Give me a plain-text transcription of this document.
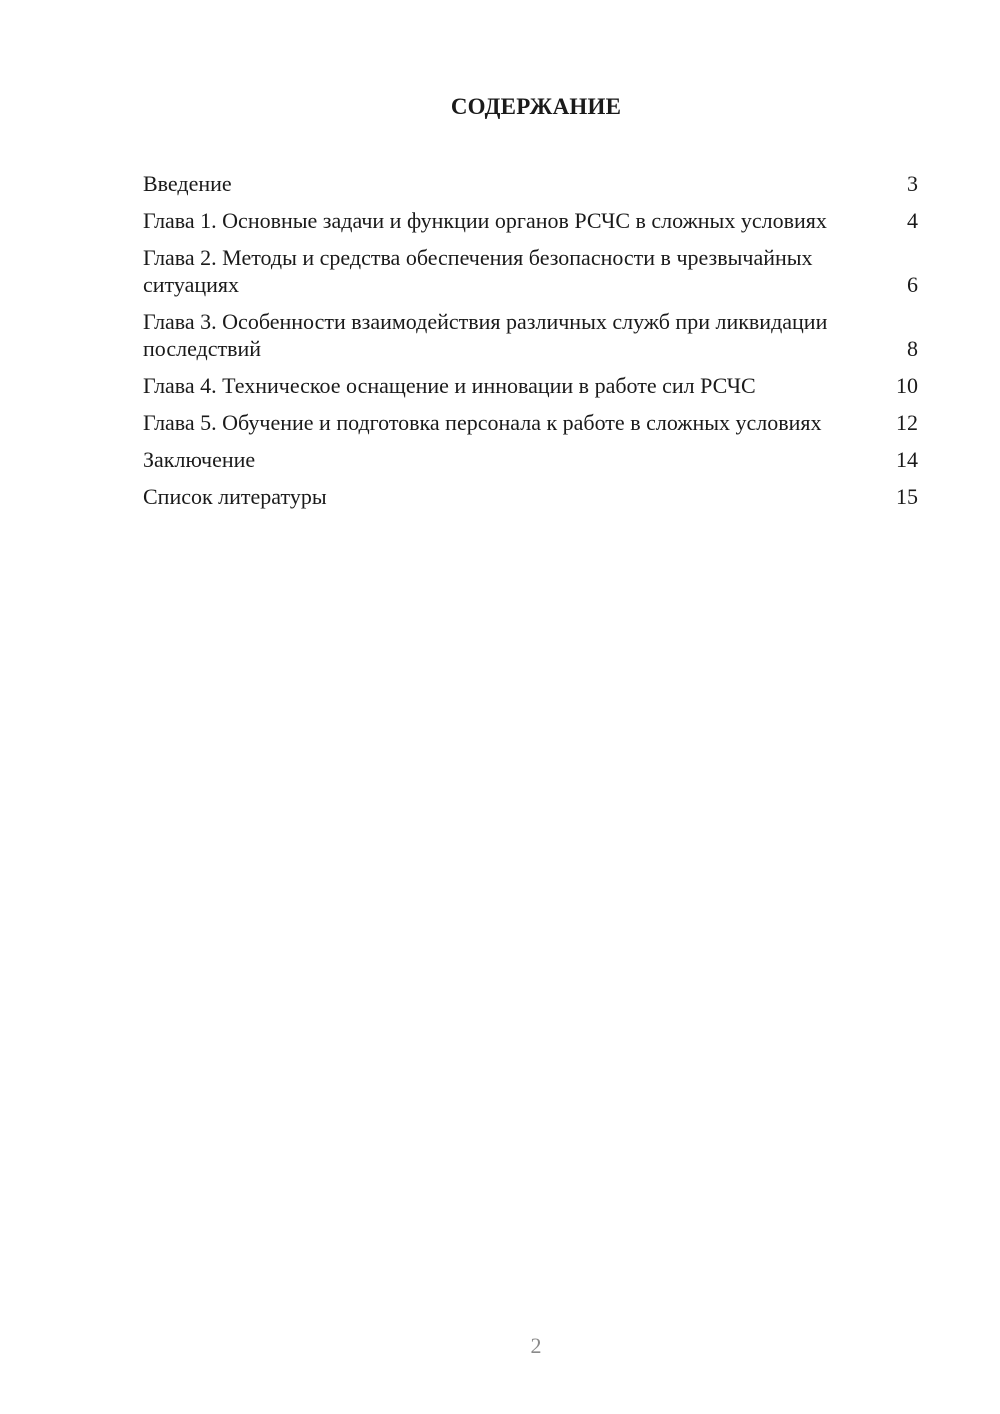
СОДЕРЖАНИЕ
Введение	3
Глава 1. Основные задачи и функции органов РСЧС в сложных условиях	4
Глава 2. Методы и средства обеспечения безопасности в чрезвычайных ситуациях	6
Глава 3. Особенности взаимодействия различных служб при ликвидации последствий	8
Глава 4. Техническое оснащение и инновации в работе сил РСЧС	10
Глава 5. Обучение и подготовка персонала к работе в сложных условиях	12
Заключение	14
Список литературы	15
2
